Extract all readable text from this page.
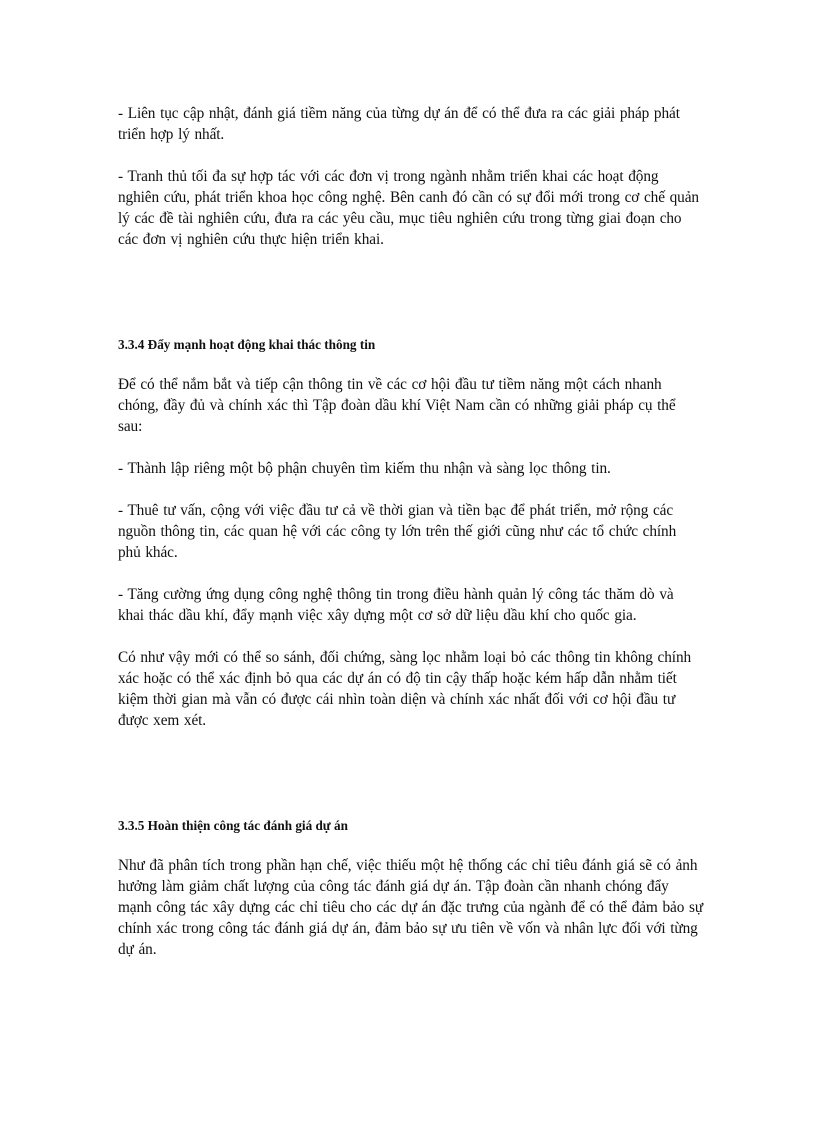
- Liên tục cập nhật, đánh giá tiềm năng của từng dự án để có thể đưa ra các giải pháp phát triển hợp lý nhất.

- Tranh thủ tối đa sự hợp tác với các đơn vị trong ngành nhằm triển khai các hoạt động nghiên cứu, phát triển khoa học công nghệ. Bên canh đó cần có sự đổi mới trong cơ chế quản lý các đề tài nghiên cứu, đưa ra các yêu cầu, mục tiêu nghiên cứu trong từng giai đoạn cho các đơn vị nghiên cứu thực hiện triển khai.

3.3.4 Đẩy mạnh hoạt động khai thác thông tin

Để có thể nắm bắt và tiếp cận thông tin về các cơ hội đầu tư tiềm năng một cách nhanh chóng, đầy đủ và chính xác thì Tập đoàn dầu khí Việt Nam cần có những giải pháp cụ thể sau:

- Thành lập riêng một bộ phận chuyên tìm kiếm thu nhận và sàng lọc thông tin.

- Thuê tư vấn, cộng với việc đầu tư cả về thời gian và tiền bạc để phát triển, mở rộng các nguồn thông tin, các quan hệ với các công ty lớn trên thế giới cũng như các tổ chức chính phủ khác.

- Tăng cường ứng dụng công nghệ thông tin trong điều hành quản lý công tác thăm dò và khai thác dầu khí, đẩy mạnh việc xây dựng một cơ sở dữ liệu dầu khí cho quốc gia.

Có như vậy mới có thể so sánh, đối chứng, sàng lọc nhằm loại bỏ các thông tin không chính xác hoặc có thể xác định bỏ qua các dự án có độ tin cậy thấp hoặc kém hấp dẫn nhằm tiết kiệm thời gian mà vẫn có được cái nhìn toàn diện và chính xác nhất đối với cơ hội đầu tư được xem xét.

3.3.5 Hoàn thiện công tác đánh giá dự án

Như đã phân tích trong phần hạn chế, việc thiếu một hệ thống các chỉ tiêu đánh giá sẽ có ảnh hưởng làm giảm chất lượng của công tác đánh giá dự án. Tập đoàn cần nhanh chóng đẩy mạnh công tác xây dựng các chỉ tiêu cho các dự án đặc trưng của ngành để có thể đảm bảo sự chính xác trong công tác đánh giá dự án, đảm bảo sự ưu tiên về vốn và nhân lực đối với từng dự án.
